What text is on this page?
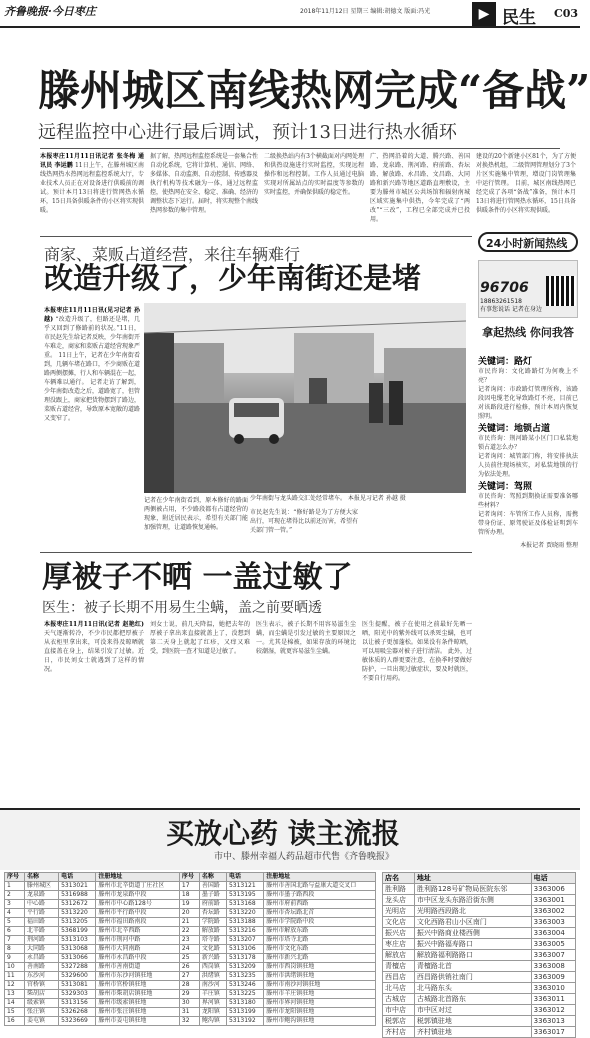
齐鲁晚报·今日枣庄	2018年11月12日 星期三 编辑:胡德文 版面:冯光	▶ 民生 C03
滕州城区南线热网完成“备战”
远程监控中心进行最后调试，预计13日进行热水循环
本报枣庄11月11日讯记者 张冬梅 通讯员 李运鹏 11日上午，在滕州城区南线热网热水热网远程监控系统大厅，专业技术人员正在对设备进行供暖前的调试。预计本月13日将进行管网热水循环，15日具备供暖条件的小区将实现供暖。
据了解，热网远程监控系统是一套集合性自动化系统，它将计算机、通信、网络、多媒体、自动监测、自动控制、传感器及执行机构等技术融为一体，通过远程监控，使热网在安全、稳定、准确、经济的调整状态下运行。届时，将实现整个南线热网参数的集中管理。
二级换热站内有3个横截面对内网处理和供热设施进行实时监控，实现远程操作和远程控制。工作人员通过电脑实现对所属站点的实时温度等参数的实时监控，并确保供暖的稳定性。
广、热网沿着的大道、腾兴路、善国路、龙泉路、荆河路、府前路、杏坛路、解放路、永昌路、文昌路、大同路和新兴路等地区道路直埋敷设，主要为滕州市城区公共场馆和辐射南城区域实施集中供热，今年完成了“两改”“三改”，工程已全部完成并已投用。
建设的20个新建小区81个，为了方便对换热机组，二级管网管理划分了3个片区实施集中管理，增设门岗管理集中运行管理。 目前，城区南线热网已经完成了各项“备战”准备，预计本月13日将进行管网热水循环，15日具备供暖条件的小区将实现供暖。
商家、菜贩占道经营，来往车辆难行
改造升级了，少年南街还是堵
本报枣庄11月11日讯(见习记者 孙越) “改造升级了，但路还是堵，几乎又回到了修路前的状况。”11日，市民赵先生给记者反映，少年南街开车难走，商家和菜贩占道经营现象严重。 11日上午，记者在少年南街看到，几辆车堵在路口，不少商贩在道路两侧摆摊，行人和车辆混在一起，车辆难以通行。 记者走访了解到，少年南街改造之后，道路宽了，但管理没跟上，商家把货物摆到了路边，菜贩占道经营，导致原本宽敞的道路又变窄了。
记者在少年南街看到，原本修好的路面两侧被占用，不少路段都有占道经营的现象，附近居民表示，希望有关部门能加强管理，让道路恢复通畅。
少年南街与龙头路交汇处经常堵车。 本报见习记者 孙越 摄
市民赵先生说：“修好路是为了方便大家出行，可现在堵得比以前还厉害，希望有关部门管一管。”
24小时新闻热线
96706
18863261518
有事您说话 记者在身边
拿起热线 你问我答
关键词：路灯
市民咨询：文化路路灯为何晚上不亮？
记者询问：市政路灯管理所称，该路段因电缆老化导致路灯不亮，目前已对该路段进行检修，预计本周内恢复照明。
关键词：地锁占道
市民咨询：荆河路某小区门口私装地锁占道怎么办？
记者询问：城管部门称，将安排执法人员前往现场核实，对私装地锁的行为依法处理。
关键词：驾照
市民咨询：驾照到期换证需要准备哪些材料？
记者询问：车管所工作人员称，需携带身份证、原驾驶证及体检证明到车管所办理。
本报记者 贾晓雨 整理
厚被子不晒 一盖过敏了
医生：被子长期不用易生尘螨，盖之前要晒透
本报枣庄11月11日讯(记者 赵艳红) 天气逐渐转冷，不少市民都把厚被子从衣柜里拿出来，可没来得及晾晒就直接盖在身上，结果引发了过敏。近日，市民刘女士就遇到了这样的情况。
刘女士说，前几天降温，她把去年的厚被子拿出来直接就盖上了，没想到第二天身上就起了红疹，又痒又难受，到医院一查才知道是过敏了。
医生表示，被子长期不用容易滋生尘螨，而尘螨是引发过敏的主要原因之一。尤其是棉被，如果存放的环境比较潮湿，就更容易滋生尘螨。
医生提醒，被子在使用之前最好先晒一晒，阳光中的紫外线可以杀死尘螨，也可以让被子更加蓬松。如果没有条件晾晒，可以用吸尘器对被子进行清洁。 此外，过敏体质的人群更要注意，在换季时要做好防护，一旦出现过敏症状，要及时就医，不要自行用药。
买放心药 读主流报
市中、滕州幸福人药品超市代售《齐鲁晚报》
序号	名称	电话	注册地址	序号	名称	电话	注册地址
1	滕州城区	5313021	滕州市北辛街道丁庄社区	17	善国路	5313121	滕州市善国北路与益康大道交叉口
2	龙泉路	5316988	滕州市龙泉路中段	18	墨子路	5313195	滕州市墨子路西段
3	中心路	5312672	滕州市中心路128号	19	府前路	5313168	滕州市府前西路
4	平行路	5313220	滕州市平行路中段	20	杏坛路	5313220	滕州市杏坛路北首
5	福田路	5313205	滕州市福田路南段	21	学院路	5313188	滕州市学院路中段
6	北辛路	5368199	滕州市北辛西路	22	解放路	5313216	滕州市解放东路
7	荆河路	5313103	滕州市荆河中路	23	塔寺路	5313207	滕州市塔寺北路
8	大同路	5313068	滕州市大同南路	24	文化路	5313106	滕州市文化东路
9	永昌路	5313066	滕州市永昌路中段	25	新兴路	5313178	滕州市新兴北路
10	善南路	5327288	滕州市善南街道	26	西岗镇	5313209	滕州市西岗镇驻地
11	东沙河	5329600	滕州市东沙河镇驻地	27	洪绪镇	5313235	滕州市洪绪镇驻地
12	官桥镇	5313081	滕州市官桥镇驻地	28	南沙河	5313246	滕州市南沙河镇驻地
13	柴胡店	5329303	滕州市柴胡店镇驻地	29	羊庄镇	5313225	滕州市羊庄镇驻地
14	级索镇	5313156	滕州市级索镇驻地	30	界河镇	5313180	滕州市界河镇驻地
15	张汪镇	5326268	滕州市张汪镇驻地	31	龙阳镇	5313199	滕州市龙阳镇驻地
16	姜屯镇	5323669	滕州市姜屯镇驻地	32	鲍沟镇	5313192	滕州市鲍沟镇驻地
店名	地址	电话
胜利路	胜利路128号矿物局医院东邻	3363006
龙头店	市中区龙头东路沿街东侧	3363001
光明店	光明路西段路北	3363002
文化店	文化西路君山小区南门	3363003
振兴店	振兴中路商业楼西侧	3363004
枣庄店	振兴中路福寿路口	3363005
解放店	解放路福利路路口	3363007
青檀店	青檀路北首	3363008
西昌店	西昌路供销社南门	3363009
北马店	北马路东头	3363010
古城店	古城路北首路东	3363011
市中店	市中区对过	3363012
税郭店	税郭镇驻地	3363013
齐村店	齐村镇驻地	3363017
